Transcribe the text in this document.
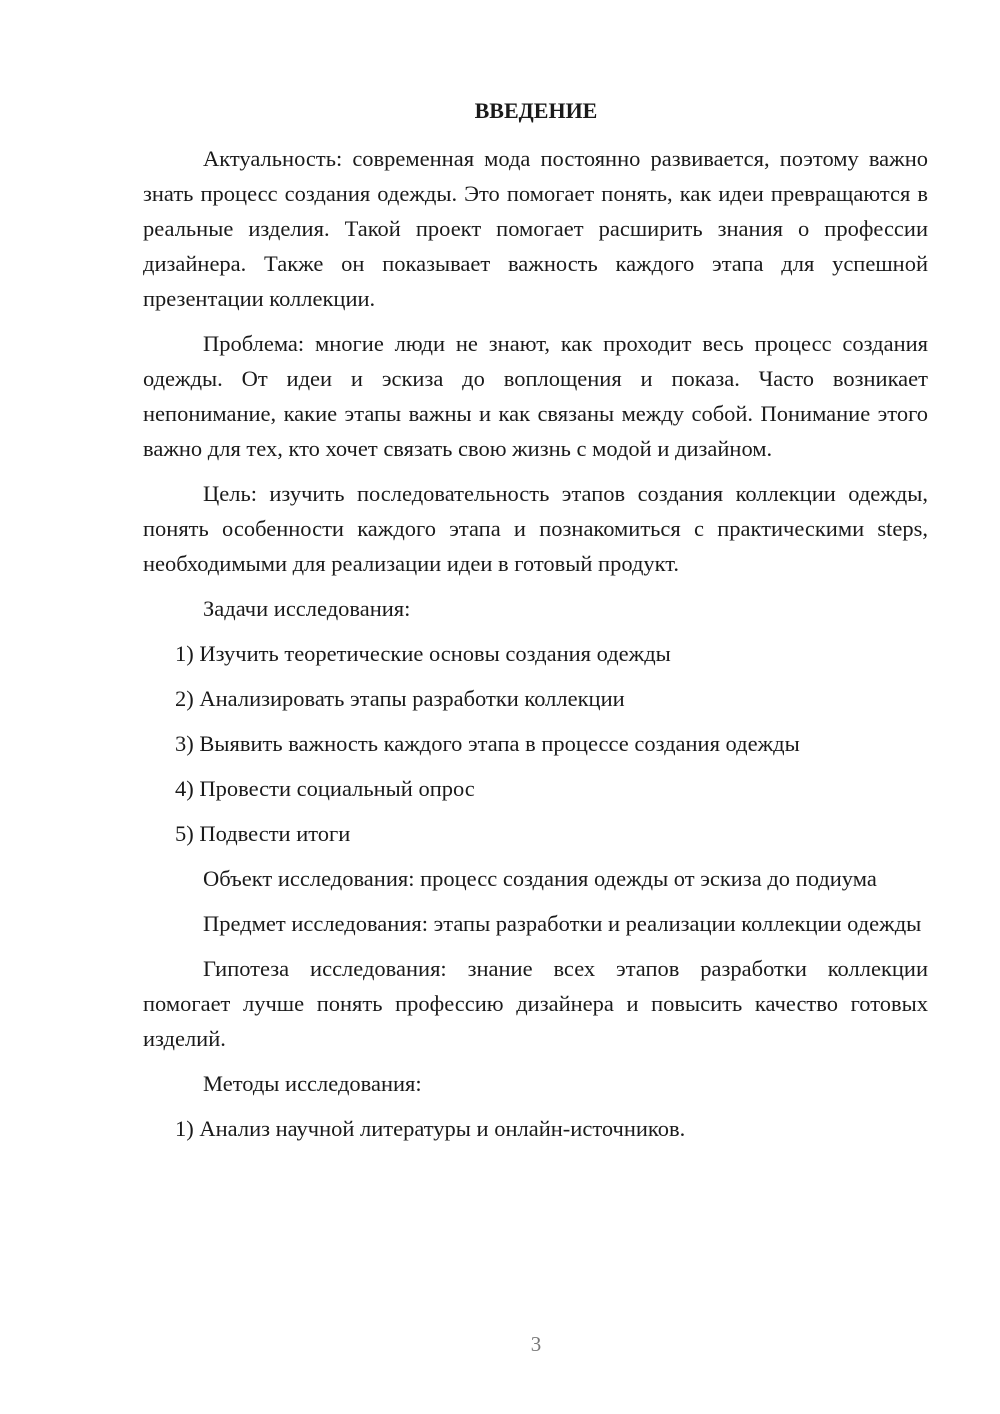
ВВЕДЕНИЕ

Актуальность: современная мода постоянно развивается, поэтому важно знать процесс создания одежды. Это помогает понять, как идеи превращаются в реальные изделия. Такой проект помогает расширить знания о профессии дизайнера. Также он показывает важность каждого этапа для успешной презентации коллекции.

Проблема: многие люди не знают, как проходит весь процесс создания одежды. От идеи и эскиза до воплощения и показа. Часто возникает непонимание, какие этапы важны и как связаны между собой. Понимание этого важно для тех, кто хочет связать свою жизнь с модой и дизайном.

Цель: изучить последовательность этапов создания коллекции одежды, понять особенности каждого этапа и познакомиться с практическими steps, необходимыми для реализации идеи в готовый продукт.

Задачи исследования:

1) Изучить теоретические основы создания одежды

2) Анализировать этапы разработки коллекции

3) Выявить важность каждого этапа в процессе создания одежды

4) Провести социальный опрос

5) Подвести итоги

Объект исследования: процесс создания одежды от эскиза до подиума

Предмет исследования: этапы разработки и реализации коллекции одежды

Гипотеза исследования: знание всех этапов разработки коллекции помогает лучше понять профессию дизайнера и повысить качество готовых изделий.

Методы исследования:

1) Анализ научной литературы и онлайн-источников.

3
